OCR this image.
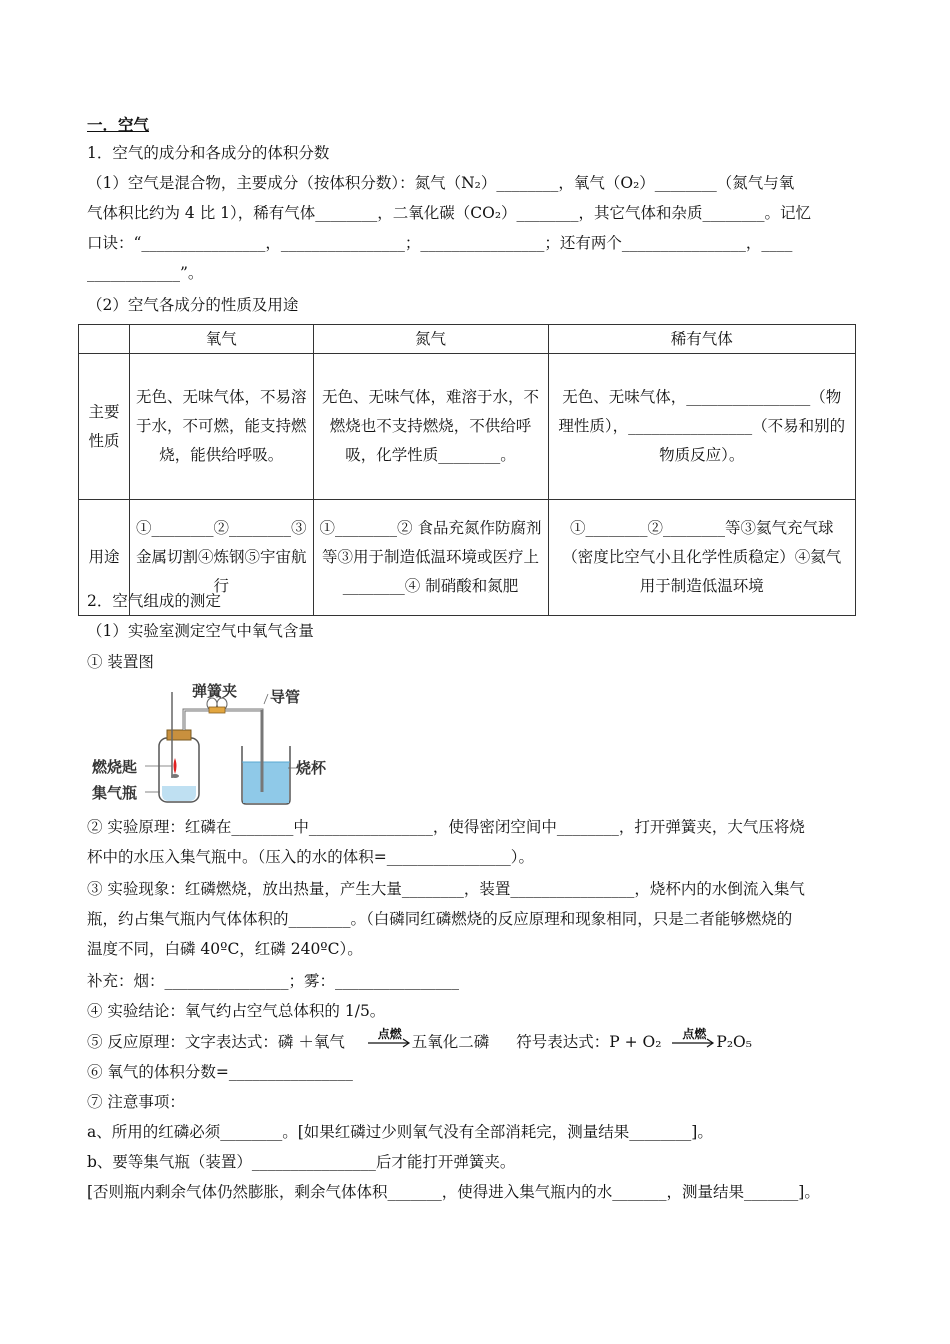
一．空气
1．空气的成分和各成分的体积分数
（1）空气是混合物，主要成分（按体积分数）：氮气（N₂）________，氧气（O₂）________（氮气与氧
气体积比约为 4 比 1），稀有气体________，二氧化碳（CO₂）________，其它气体和杂质________。记忆
口诀：“________________，________________；________________；还有两个________________，____
____________”。
（2）空气各成分的性质及用途
	氧气	氮气	稀有气体
主要性质	无色、无味气体，不易溶于水，不可燃，能支持燃烧，能供给呼吸。	无色、无味气体，难溶于水，不燃烧也不支持燃烧，不供给呼吸，化学性质________。	无色、无味气体，________________（物理性质），________________（不易和别的物质反应）。
用途	①________②________③ 金属切割④炼钢⑤宇宙航行	①________② 食品充氮作防腐剂等③用于制造低温环境或医疗上________④ 制硝酸和氮肥	①________②________等③氦气充气球（密度比空气小且化学性质稳定）④氦气用于制造低温环境
2．空气组成的测定
（1）实验室测定空气中氧气含量
① 装置图
弹簧夹 导管
燃烧匙
集气瓶
烧杯
② 实验原理：红磷在________中________________，使得密闭空间中________，打开弹簧夹，大气压将烧
杯中的水压入集气瓶中。（压入的水的体积=________________）。
③ 实验现象：红磷燃烧，放出热量，产生大量________，装置________________，烧杯内的水倒流入集气
瓶，约占集气瓶内气体体积的________。（白磷同红磷燃烧的反应原理和现象相同，只是二者能够燃烧的
温度不同，白磷 40ºC，红磷 240ºC）。
补充：烟：________________；雾：________________
④ 实验结论：氧气约占空气总体积的 1/5。
⑤ 反应原理：文字表达式：磷 ＋氧气	点燃 五氧化二磷 符号表达式：P + O₂	点燃 P₂O₅
⑥ 氧气的体积分数=________________
⑦ 注意事项：
a、所用的红磷必须________。[如果红磷过少则氧气没有全部消耗完，测量结果________]。
b、要等集气瓶（装置）________________后才能打开弹簧夹。
[否则瓶内剩余气体仍然膨胀，剩余气体体积_______，使得进入集气瓶内的水_______，测量结果_______]。
